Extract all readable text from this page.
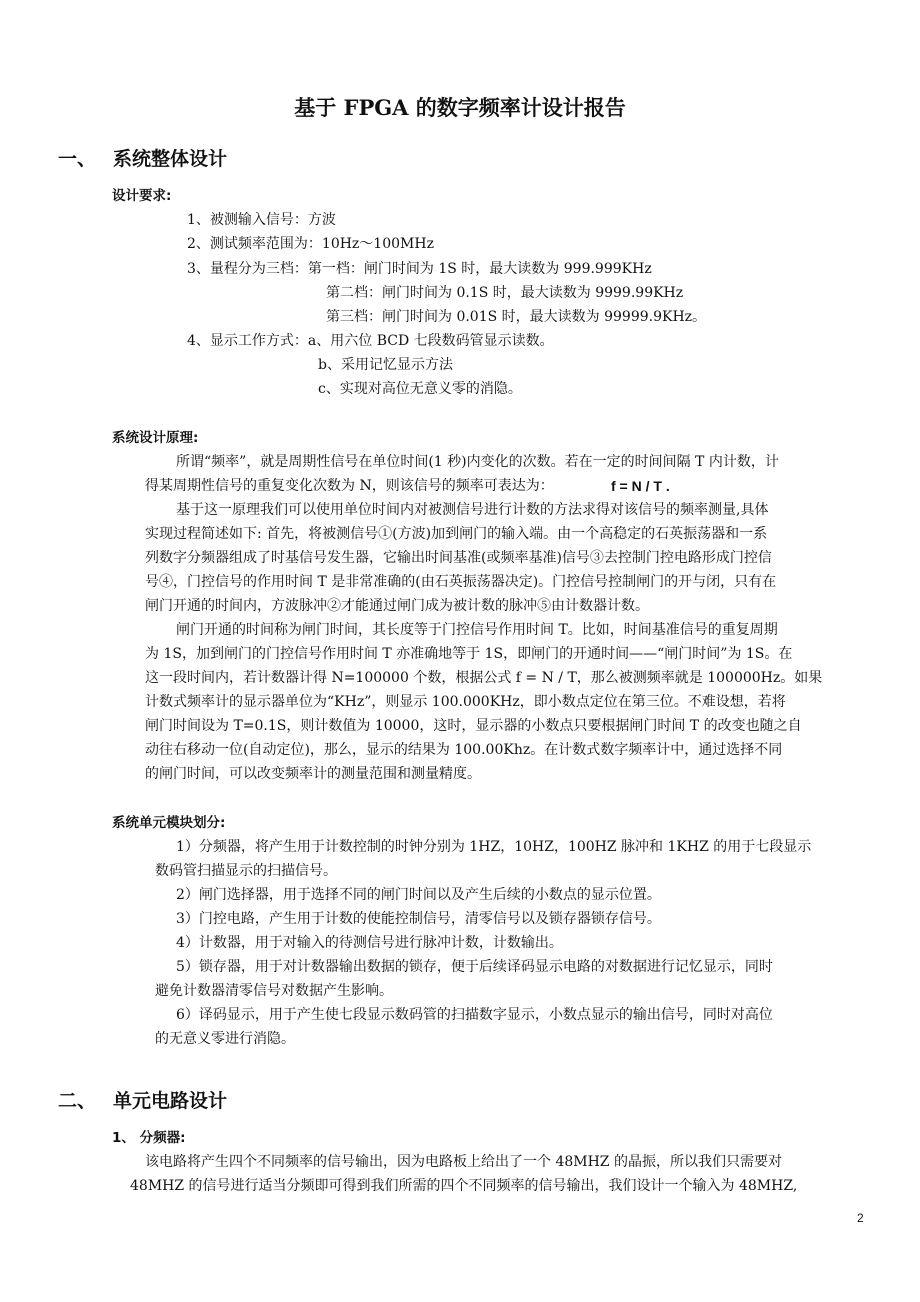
基于 FPGA 的数字频率计设计报告
一、 系统整体设计
设计要求:
1、被测输入信号：方波
2、测试频率范围为：10Hz～100MHz
3、量程分为三档：第一档：闸门时间为 1S 时，最大读数为 999.999KHz
第二档：闸门时间为 0.1S 时，最大读数为 9999.99KHz
第三档：闸门时间为 0.01S 时，最大读数为 99999.9KHz。
4、显示工作方式：a、用六位 BCD 七段数码管显示读数。
b、采用记忆显示方法
c、实现对高位无意义零的消隐。
系统设计原理:
所谓“频率”，就是周期性信号在单位时间(1 秒)内变化的次数。若在一定的时间间隔 T 内计数，计
得某周期性信号的重复变化次数为 N，则该信号的频率可表达为：	f = N / T .
基于这一原理我们可以使用单位时间内对被测信号进行计数的方法求得对该信号的频率测量,具体
实现过程简述如下: 首先，将被测信号①(方波)加到闸门的输入端。由一个高稳定的石英振荡器和一系
列数字分频器组成了时基信号发生器，它输出时间基准(或频率基准)信号③去控制门控电路形成门控信
号④，门控信号的作用时间 T 是非常准确的(由石英振荡器决定)。门控信号控制闸门的开与闭，只有在
闸门开通的时间内，方波脉冲②才能通过闸门成为被计数的脉冲⑤由计数器计数。
闸门开通的时间称为闸门时间，其长度等于门控信号作用时间 T。比如，时间基准信号的重复周期
为 1S，加到闸门的门控信号作用时间 T 亦准确地等于 1S，即闸门的开通时间——“闸门时间”为 1S。在
这一段时间内，若计数器计得 N=100000 个数，根据公式 f = N / T，那么被测频率就是 100000Hz。如果
计数式频率计的显示器单位为“KHz”，则显示 100.000KHz，即小数点定位在第三位。不难设想，若将
闸门时间设为 T=0.1S，则计数值为 10000，这时，显示器的小数点只要根据闸门时间 T 的改变也随之自
动往右移动一位(自动定位)，那么，显示的结果为 100.00Khz。在计数式数字频率计中，通过选择不同
的闸门时间，可以改变频率计的测量范围和测量精度。
系统单元模块划分:
1）分频器，将产生用于计数控制的时钟分别为 1HZ，10HZ，100HZ 脉冲和 1KHZ 的用于七段显示
数码管扫描显示的扫描信号。
2）闸门选择器，用于选择不同的闸门时间以及产生后续的小数点的显示位置。
3）门控电路，产生用于计数的使能控制信号，清零信号以及锁存器锁存信号。
4）计数器，用于对输入的待测信号进行脉冲计数，计数输出。
5）锁存器，用于对计数器输出数据的锁存，便于后续译码显示电路的对数据进行记忆显示，同时
避免计数器清零信号对数据产生影响。
6）译码显示，用于产生使七段显示数码管的扫描数字显示，小数点显示的输出信号，同时对高位
的无意义零进行消隐。
二、 单元电路设计
1、 分频器:
该电路将产生四个不同频率的信号输出，因为电路板上给出了一个 48MHZ 的晶振，所以我们只需要对
48MHZ 的信号进行适当分频即可得到我们所需的四个不同频率的信号输出，我们设计一个输入为 48MHZ,
2
